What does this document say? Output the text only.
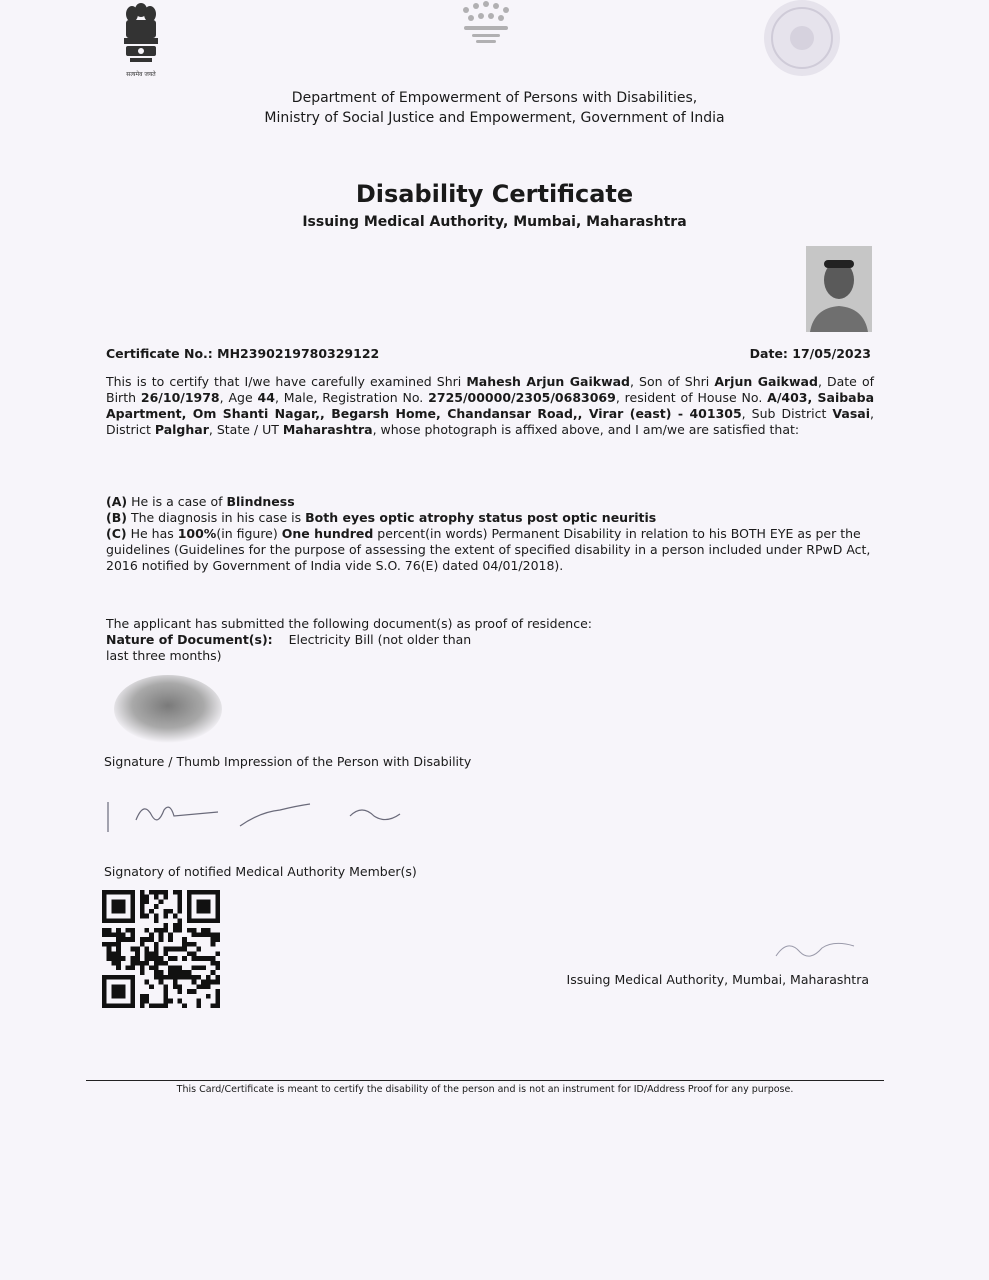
सत्यमेव जयते
Department of Empowerment of Persons with Disabilities,
Ministry of Social Justice and Empowerment, Government of India
Disability Certificate
Issuing Medical Authority, Mumbai, Maharashtra
Certificate No.: MH2390219780329122	Date: 17/05/2023
This is to certify that I/we have carefully examined Shri Mahesh Arjun Gaikwad, Son of Shri Arjun Gaikwad, Date of Birth 26/10/1978, Age 44, Male, Registration No. 2725/00000/2305/0683069, resident of House No. A/403, Saibaba Apartment, Om Shanti Nagar,, Begarsh Home, Chandansar Road,, Virar (east) - 401305, Sub District Vasai, District Palghar, State / UT Maharashtra, whose photograph is affixed above, and I am/we are satisfied that:
(A) He is a case of Blindness
(B) The diagnosis in his case is Both eyes optic atrophy status post optic neuritis
(C) He has 100%(in figure) One hundred percent(in words) Permanent Disability in relation to his BOTH EYE as per the guidelines (Guidelines for the purpose of assessing the extent of specified disability in a person included under RPwD Act, 2016 notified by Government of India vide S.O. 76(E) dated 04/01/2018).
The applicant has submitted the following document(s) as proof of residence:
Nature of Document(s): Electricity Bill (not older than
last three months)
Signature / Thumb Impression of the Person with Disability
Signatory of notified Medical Authority Member(s)
Issuing Medical Authority, Mumbai, Maharashtra
This Card/Certificate is meant to certify the disability of the person and is not an instrument for ID/Address Proof for any purpose.
